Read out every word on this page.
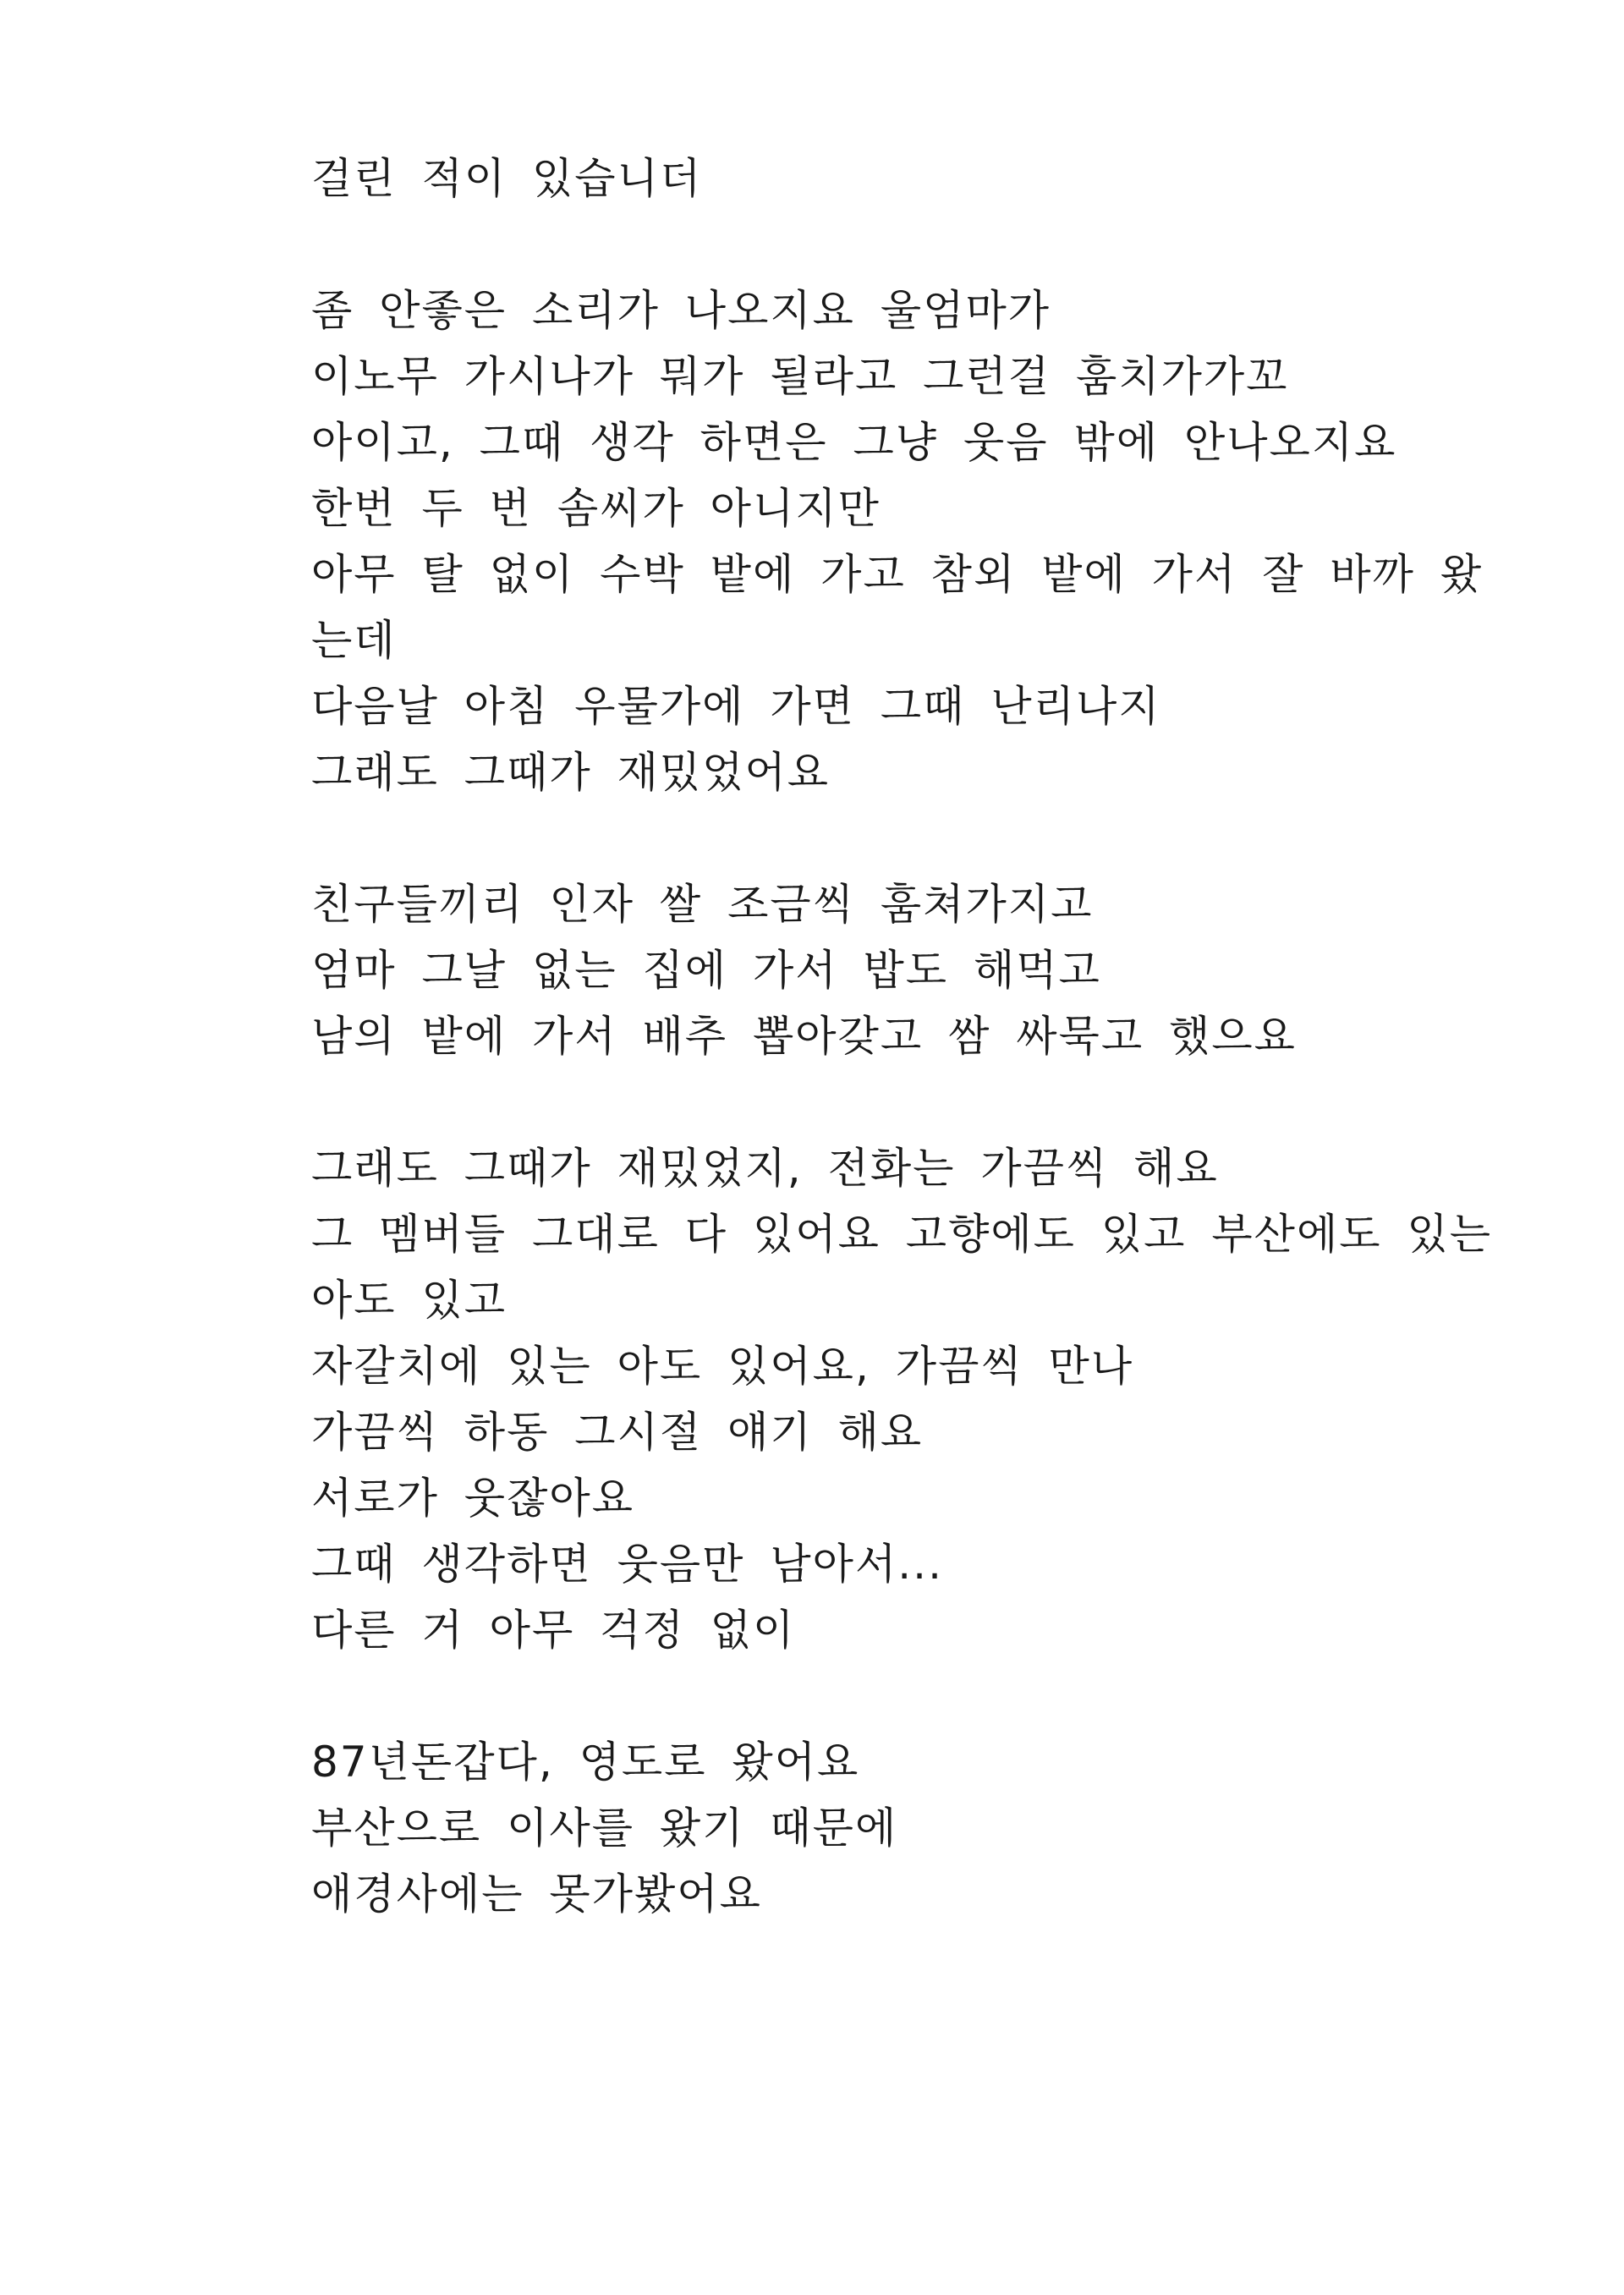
걸린 적이 있습니더
좀 안좋은 소리가 나오지요 울엄마가
이노무 가시나가 뭐가 될라고 그런걸 훔치가가꼬
아이고, 그때 생각 하면은 그냥 웃음 밖에 안나오지요
한번 두 번 솜씨가 아니지만
아무 탈 없이 수박 밭에 가고 참외 밭에 가서 잘 바까 왔
는데
다음날 아침 우물가에 가면 그때 난리나지
그래도 그때가 재밌었어요
친구들끼리 인자 쌀 조금씩 훔쳐가지고
엄마 그날 없는 집에 가서 밥도 해먹고
남의 밭에 가서 배추 뽑아갖고 쌈 싸묵고 했으요
그래도 그때가 재밌었지, 전화는 가끔씩 해요
그 멤버들 그대로 다 있어요 고향에도 있고 부산에도 있는
아도 있고
자갈치에 있는 아도 있어요, 가끔씩 만나
가끔씩 하동 그시절 얘기 해요
서로가 웃잖아요
그때 생각하면 웃음만 남아서...
다른 거 아무 걱정 없이
87년돈갑다, 영도로 왔어요
부산으로 이사를 왔기 때문에
애경사에는 못가봤어요
